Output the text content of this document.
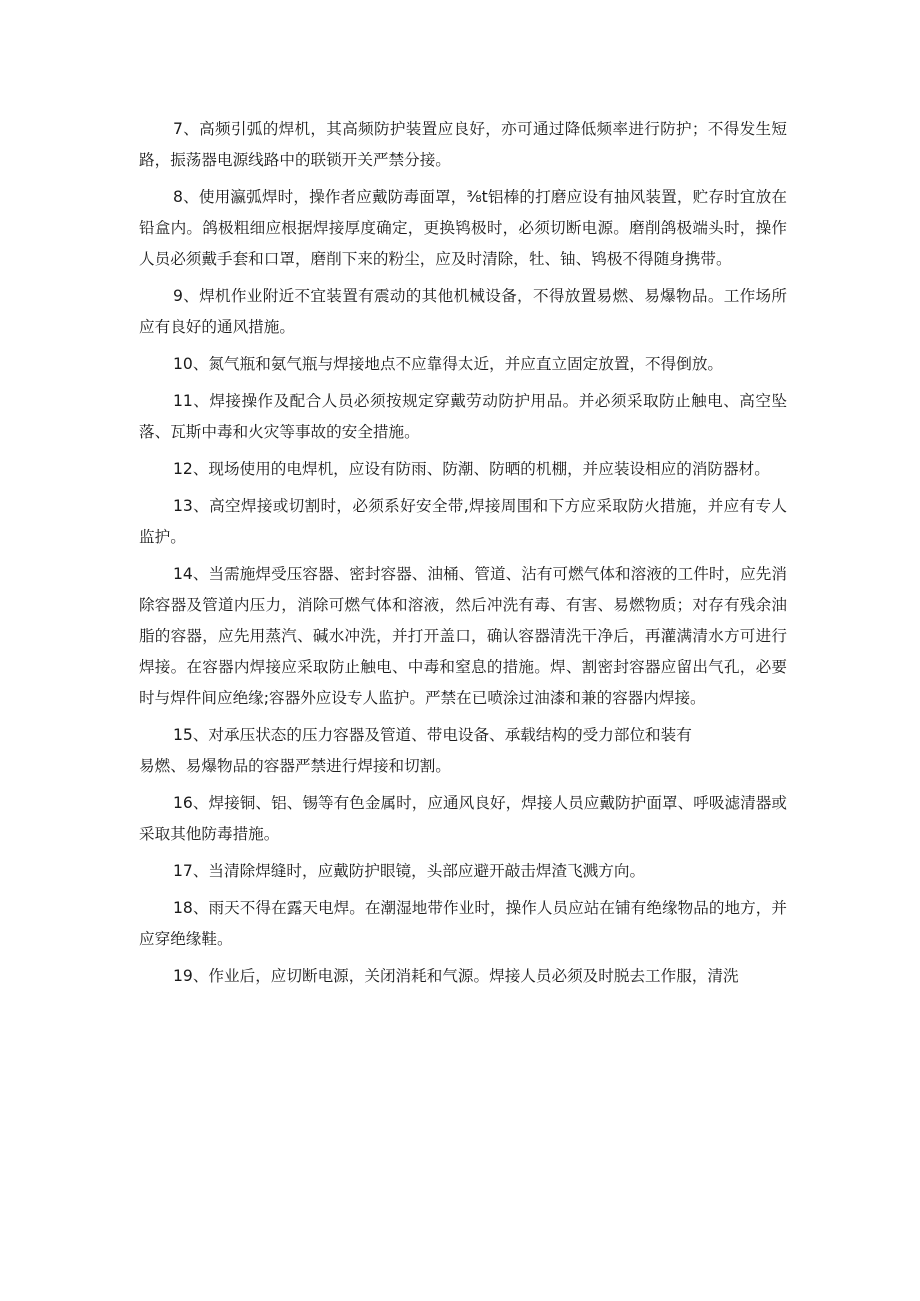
7、高频引弧的焊机，其高频防护装置应良好，亦可通过降低频率进行防护；不得发生短路，振荡器电源线路中的联锁开关严禁分接。

8、使用瀛弧焊时，操作者应戴防毒面罩，⅜t铝棒的打磨应设有抽风装置，贮存时宜放在铅盒内。鸽极粗细应根据焊接厚度确定，更换鸨极时，必须切断电源。磨削鸽极端头时，操作人员必须戴手套和口罩，磨削下来的粉尘，应及时清除，牡、铀、鸨极不得随身携带。

9、焊机作业附近不宜装置有震动的其他机械设备，不得放置易燃、易爆物品。工作场所应有良好的通风措施。

10、氮气瓶和氨气瓶与焊接地点不应靠得太近，并应直立固定放置，不得倒放。

11、焊接操作及配合人员必须按规定穿戴劳动防护用品。并必须采取防止触电、高空坠落、瓦斯中毒和火灾等事故的安全措施。

12、现场使用的电焊机，应设有防雨、防潮、防晒的机棚，并应装设相应的消防器材。

13、高空焊接或切割时，必须系好安全带,焊接周围和下方应采取防火措施，并应有专人监护。

14、当需施焊受压容器、密封容器、油桶、管道、沾有可燃气体和溶液的工件时，应先消除容器及管道内压力，消除可燃气体和溶液，然后冲洗有毒、有害、易燃物质；对存有残余油脂的容器，应先用蒸汽、碱水冲洗，并打开盖口，确认容器清洗干净后，再灌满清水方可进行焊接。在容器内焊接应采取防止触电、中毒和窒息的措施。焊、割密封容器应留出气孔，必要时与焊件间应绝缘;容器外应设专人监护。严禁在已喷涂过油漆和兼的容器内焊接。

15、对承压状态的压力容器及管道、带电设备、承载结构的受力部位和装有

易燃、易爆物品的容器严禁进行焊接和切割。

16、焊接铜、铝、锡等有色金属时，应通风良好，焊接人员应戴防护面罩、呼吸滤清器或采取其他防毒措施。

17、当清除焊缝时，应戴防护眼镜，头部应避开敲击焊渣飞溅方向。

18、雨天不得在露天电焊。在潮湿地带作业时，操作人员应站在铺有绝缘物品的地方，并应穿绝缘鞋。

19、作业后，应切断电源，关闭消耗和气源。焊接人员必须及时脱去工作服，清洗
